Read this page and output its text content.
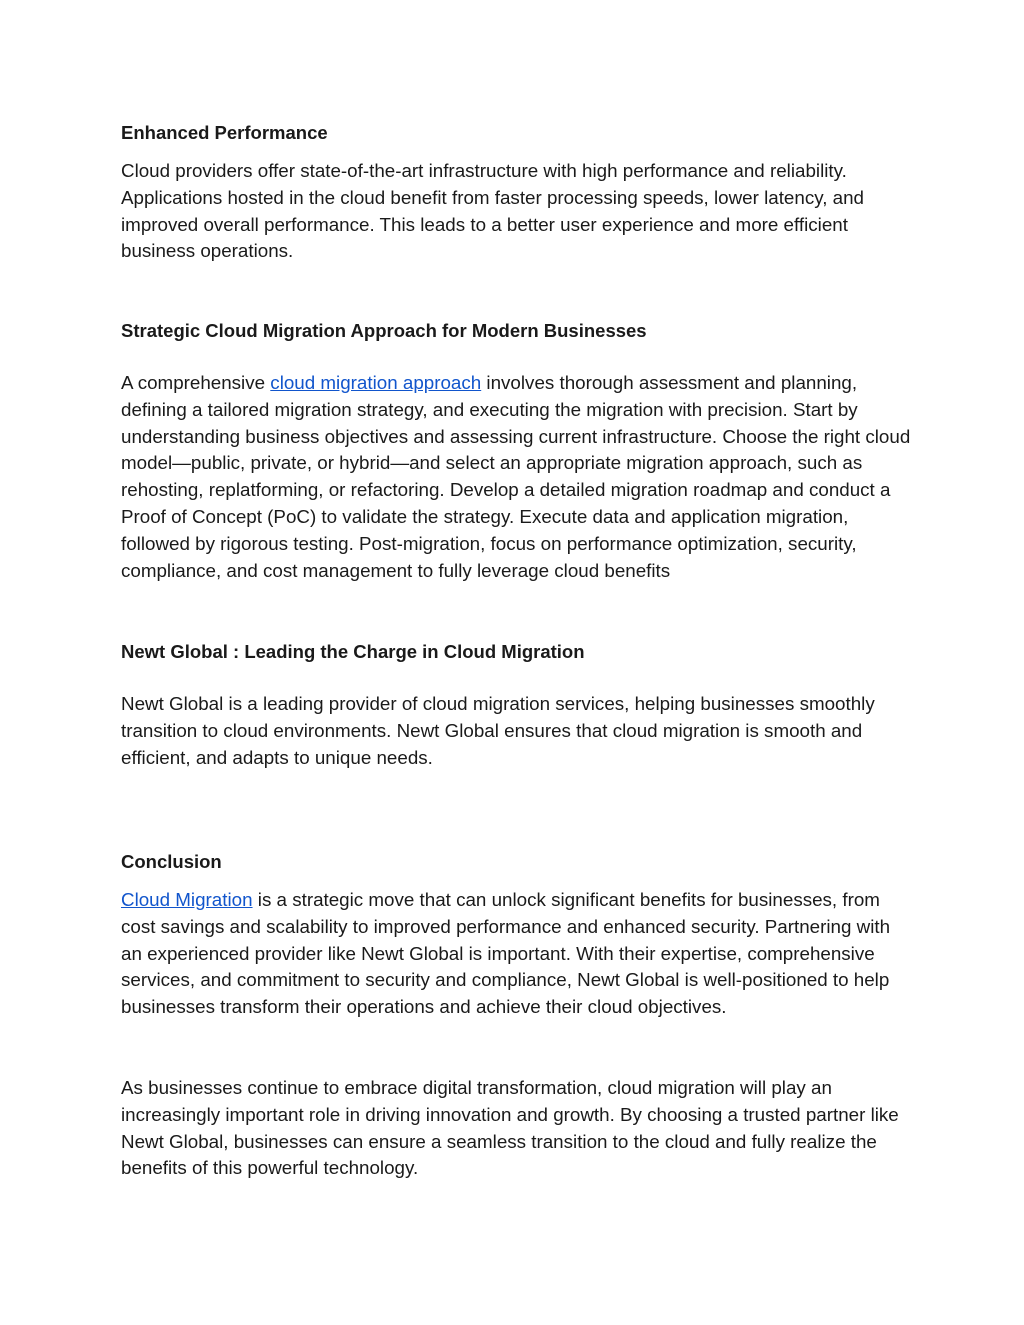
Enhanced Performance

Cloud providers offer state-of-the-art infrastructure with high performance and reliability. Applications hosted in the cloud benefit from faster processing speeds, lower latency, and improved overall performance. This leads to a better user experience and more efficient business operations.

Strategic Cloud Migration Approach for Modern Businesses

A comprehensive cloud migration approach involves thorough assessment and planning, defining a tailored migration strategy, and executing the migration with precision. Start by understanding business objectives and assessing current infrastructure. Choose the right cloud model—public, private, or hybrid—and select an appropriate migration approach, such as rehosting, replatforming, or refactoring. Develop a detailed migration roadmap and conduct a Proof of Concept (PoC) to validate the strategy. Execute data and application migration, followed by rigorous testing. Post-migration, focus on performance optimization, security, compliance, and cost management to fully leverage cloud benefits

Newt Global : Leading the Charge in Cloud Migration

Newt Global is a leading provider of cloud migration services, helping businesses smoothly transition to cloud environments. Newt Global ensures that cloud migration is smooth and efficient, and adapts to unique needs.

Conclusion

Cloud Migration is a strategic move that can unlock significant benefits for businesses, from cost savings and scalability to improved performance and enhanced security. Partnering with an experienced provider like Newt Global is important. With their expertise, comprehensive services, and commitment to security and compliance, Newt Global is well-positioned to help businesses transform their operations and achieve their cloud objectives.

As businesses continue to embrace digital transformation, cloud migration will play an increasingly important role in driving innovation and growth. By choosing a trusted partner like Newt Global, businesses can ensure a seamless transition to the cloud and fully realize the benefits of this powerful technology.
